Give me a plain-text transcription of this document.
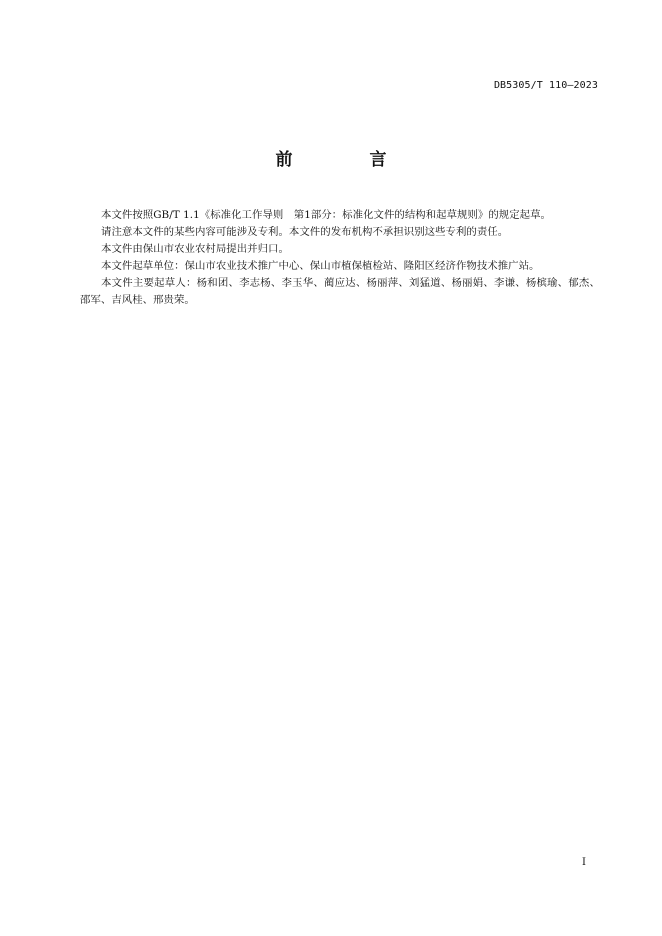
DB5305/T 110—2023
前　言

本文件按照GB/T 1.1《标准化工作导则　第1部分：标准化文件的结构和起草规则》的规定起草。

请注意本文件的某些内容可能涉及专利。本文件的发布机构不承担识别这些专利的责任。

本文件由保山市农业农村局提出并归口。

本文件起草单位：保山市农业技术推广中心、保山市植保植检站、隆阳区经济作物技术推广站。

本文件主要起草人：杨和团、李志杨、李玉华、蔺应达、杨丽萍、刘猛道、杨丽娟、李谦、杨槟瑜、郁杰、邵军、吉风桂、邢贵荣。

I
